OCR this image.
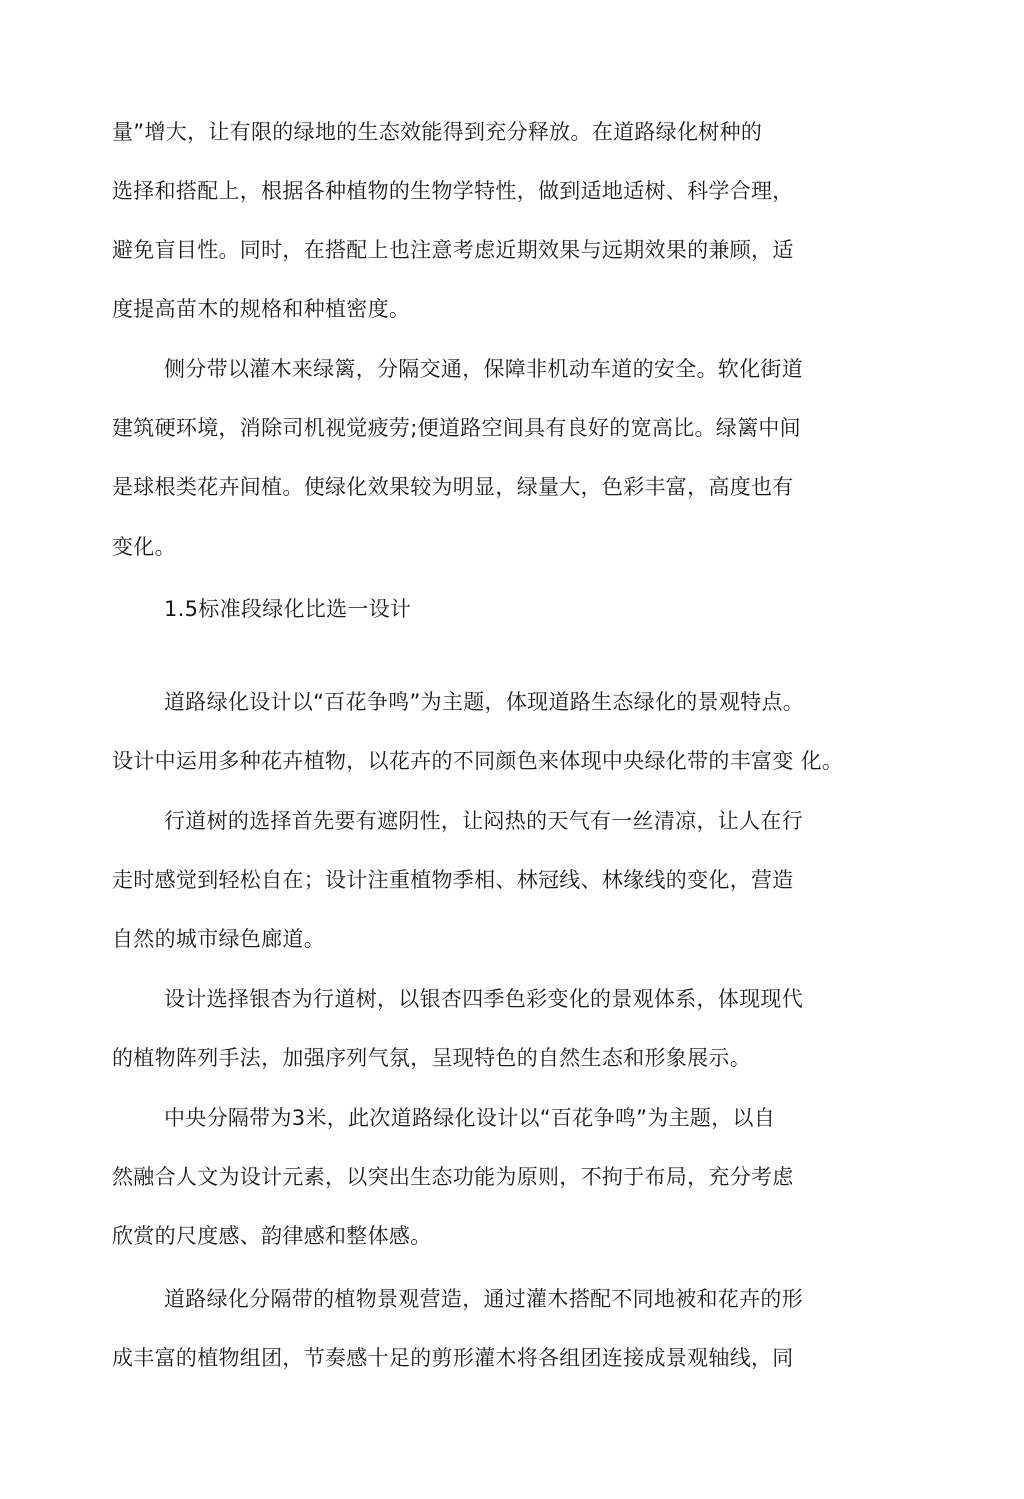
量”增大，让有限的绿地的生态效能得到充分释放。在道路绿化树种的
选择和搭配上，根据各种植物的生物学特性，做到适地适树、科学合理，
避免盲目性。同时，在搭配上也注意考虑近期效果与远期效果的兼顾，适
度提高苗木的规格和种植密度。
侧分带以灌木来绿篱，分隔交通，保障非机动车道的安全。软化街道
建筑硬环境，消除司机视觉疲劳;便道路空间具有良好的宽高比。绿篱中间
是球根类花卉间植。使绿化效果较为明显，绿量大，色彩丰富，高度也有
变化。
1.5标准段绿化比选一设计
道路绿化设计以“百花争鸣”为主题，体现道路生态绿化的景观特点。
设计中运用多种花卉植物，以花卉的不同颜色来体现中央绿化带的丰富变 化。
行道树的选择首先要有遮阴性，让闷热的天气有一丝清凉，让人在行
走时感觉到轻松自在；设计注重植物季相、林冠线、林缘线的变化，营造
自然的城市绿色廊道。
设计选择银杏为行道树，以银杏四季色彩变化的景观体系，体现现代
的植物阵列手法，加强序列气氛，呈现特色的自然生态和形象展示。
中央分隔带为3米，此次道路绿化设计以“百花争鸣”为主题，以自
然融合人文为设计元素，以突出生态功能为原则，不拘于布局，充分考虑
欣赏的尺度感、韵律感和整体感。
道路绿化分隔带的植物景观营造，通过灌木搭配不同地被和花卉的形
成丰富的植物组团，节奏感十足的剪形灌木将各组团连接成景观轴线，同
